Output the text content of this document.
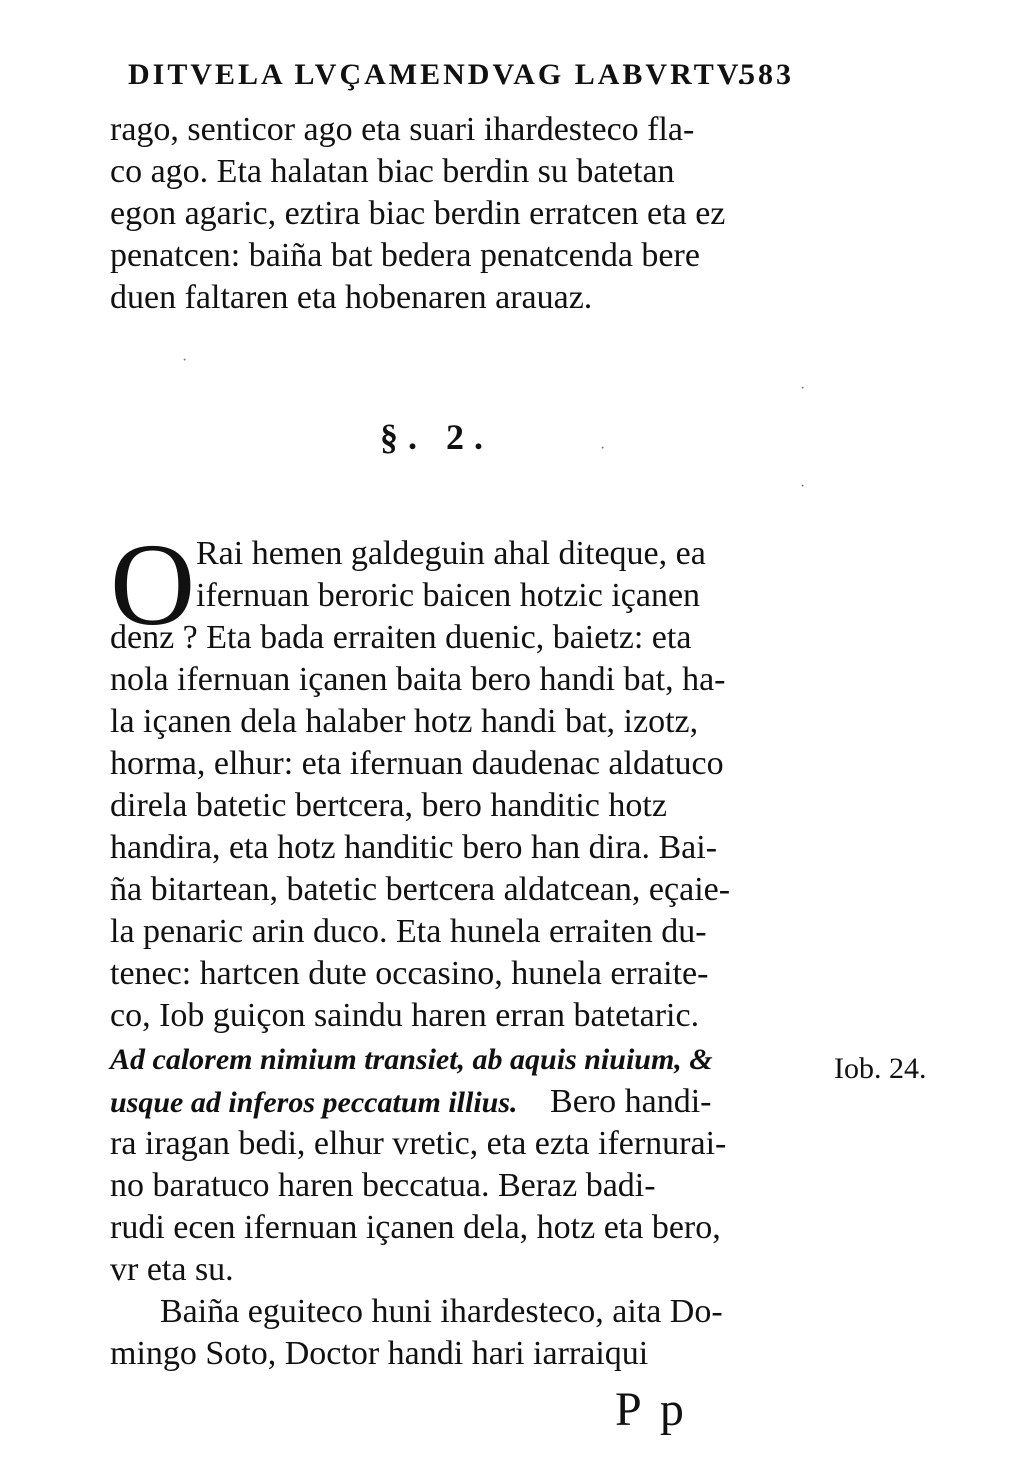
DITVELA LVÇAMENDVAG LABVRTV.
583
rago, senticor ago eta suari ihardesteco fla-
co ago. Eta halatan biac berdin su batetan
egon agaric, eztira biac berdin erratcen eta ez
penatcen: baiña bat bedera penatcenda bere
duen faltaren eta hobenaren arauaz.
§. 2.
O Rai hemen galdeguin ahal diteque, ea
ifernuan beroric baicen hotzic içanen
denz ? Eta bada erraiten duenic, baietz: eta
nola ifernuan içanen baita bero handi bat, ha-
la içanen dela halaber hotz handi bat, izotz,
horma, elhur: eta ifernuan daudenac aldatuco
direla batetic bertcera, bero handitic hotz
handira, eta hotz handitic bero han dira. Bai-
ña bitartean, batetic bertcera aldatcean, eçaie-
la penaric arin duco. Eta hunela erraiten du-
tenec: hartcen dute occasino, hunela erraite-
co, Iob guiçon saindu haren erran batetaric.
Ad calorem nimium transiet, ab aquis niuium, &
usque ad inferos peccatum illius. Bero handi-
ra iragan bedi, elhur vretic, eta ezta ifernurai-
no baratuco haren beccatua. Beraz badi-
rudi ecen ifernuan içanen dela, hotz eta bero,
vr eta su.
Baiña eguiteco huni ihardesteco, aita Do-
mingo Soto, Doctor handi hari iarraiqui
Iob. 24.
P p
·
·
·
·
